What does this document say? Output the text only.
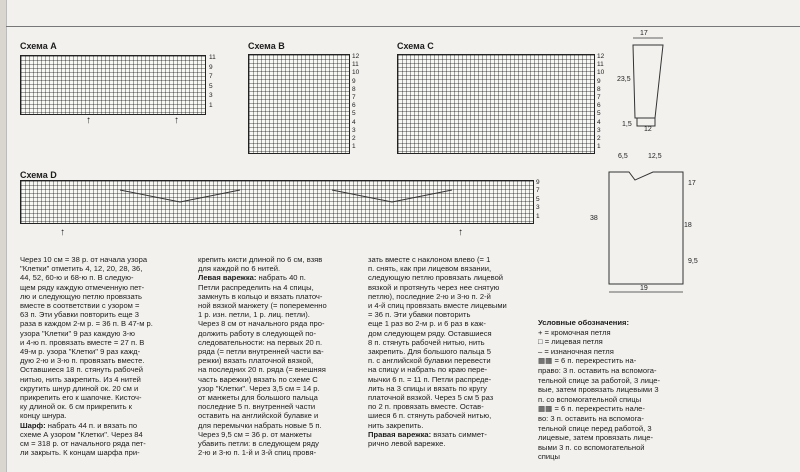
Схема А
11
9
7
5
3
1
↑	↑
Схема В
12
11
10
9
8
7
6
5
4
3
2
1
Схема С
12
11
10
9
8
7
6
5
4
3
2
1
Схема D
9
7
5
3
1
↑	↑
17
23,5
1,5
12
6,5	12,5
17
38
18
9,5
19
Через 10 см = 38 р. от начала узора
"Клетки" отметить 4, 12, 20, 28, 36,
44, 52, 60-ю и 68-ю п. В следую-
щем ряду каждую отмеченную пет-
лю и следующую петлю провязать
вместе в соответствии с узором =
63 п. Эти убавки повторить еще 3
раза в каждом 2-м р. = 36 п. В 47-м р.
узора "Клетки" 9 раз каждую 3-ю
и 4-ю п. провязать вместе = 27 п. В
49-м р. узора "Клетки" 9 раз кажд-
дую 2-ю и 3-ю п. провязать вместе.
Оставшиеся 18 п. стянуть рабочей
нитью, нить закрепить. Из 4 нитей
скрутить шнур длиной ок. 20 см и
прикрепить его к шапочке. Кисточ-
ку длиной ок. 6 см прикрепить к
концу шнура.
Шарф: набрать 44 п. и вязать по
схеме А узором "Клетки". Через 84
см = 318 р. от начального ряда пет-
ли закрыть. К концам шарфа при-
крепить кисти длиной по 6 см, взяв
для каждой по 6 нитей.
Левая варежка: набрать 40 п.
Петли распределить на 4 спицы,
замкнуть в кольцо и вязать платоч-
ной вязкой манжету (= попеременно
1 р. изн. петли, 1 р. лиц. петли).
Через 8 см от начального ряда про-
должить работу в следующей по-
следовательности: на первых 20 п.
ряда (= петли внутренней части ва-
режки) вязать платочной вязкой,
на последних 20 п. ряда (= внешняя
часть варежки) вязать по схеме С
узор "Клетки". Через 3,5 см = 14 р.
от манжеты для большого пальца
последние 5 п. внутренней части
оставить на английской булавке и
для перемычки набрать новые 5 п.
Через 9,5 см = 36 р. от манжеты
убавить петли: в следующем ряду
2-ю и 3-ю п. 1-й и 3-й спиц провя-
зать вместе с наклоном влево (= 1
п. снять, как при лицевом вязании,
следующую петлю провязать лицевой
вязкой и протянуть через нее снятую
петлю), последние 2-ю и 3-ю п. 2-й
и 4-й спиц провязать вместе лицевыми
= 36 п. Эти убавки повторить
еще 1 раз во 2-м р. и 6 раз в каж-
дом следующем ряду. Оставшиеся
8 п. стянуть рабочей нитью, нить
закрепить. Для большого пальца 5
п. с английской булавки перевести
на спицу и набрать по краю пере-
мычки 6 п. = 11 п. Петли распреде-
лить на 3 спицы и вязать по кругу
платочной вязкой. Через 5 см 5 раз
по 2 п. провязать вместе. Остав-
шиеся 6 п. стянуть рабочей нитью,
нить закрепить.
Правая варежка: вязать симмет-
рично левой варежке.
Условные обозначения:
+ = кромочная петля
□ = лицевая петля
– = изнаночная петля
▦▦ = 6 п. перекрестить на-
право: 3 п. оставить на вспомога-
тельной спице за работой, 3 лице-
вые, затем провязать лицевыми 3
п. со вспомогательной спицы
▦▦ = 6 п. перекрестить нале-
во: 3 п. оставить на вспомога-
тельной спице перед работой, 3
лицевые, затем провязать лице-
выми 3 п. со вспомогательной
спицы
